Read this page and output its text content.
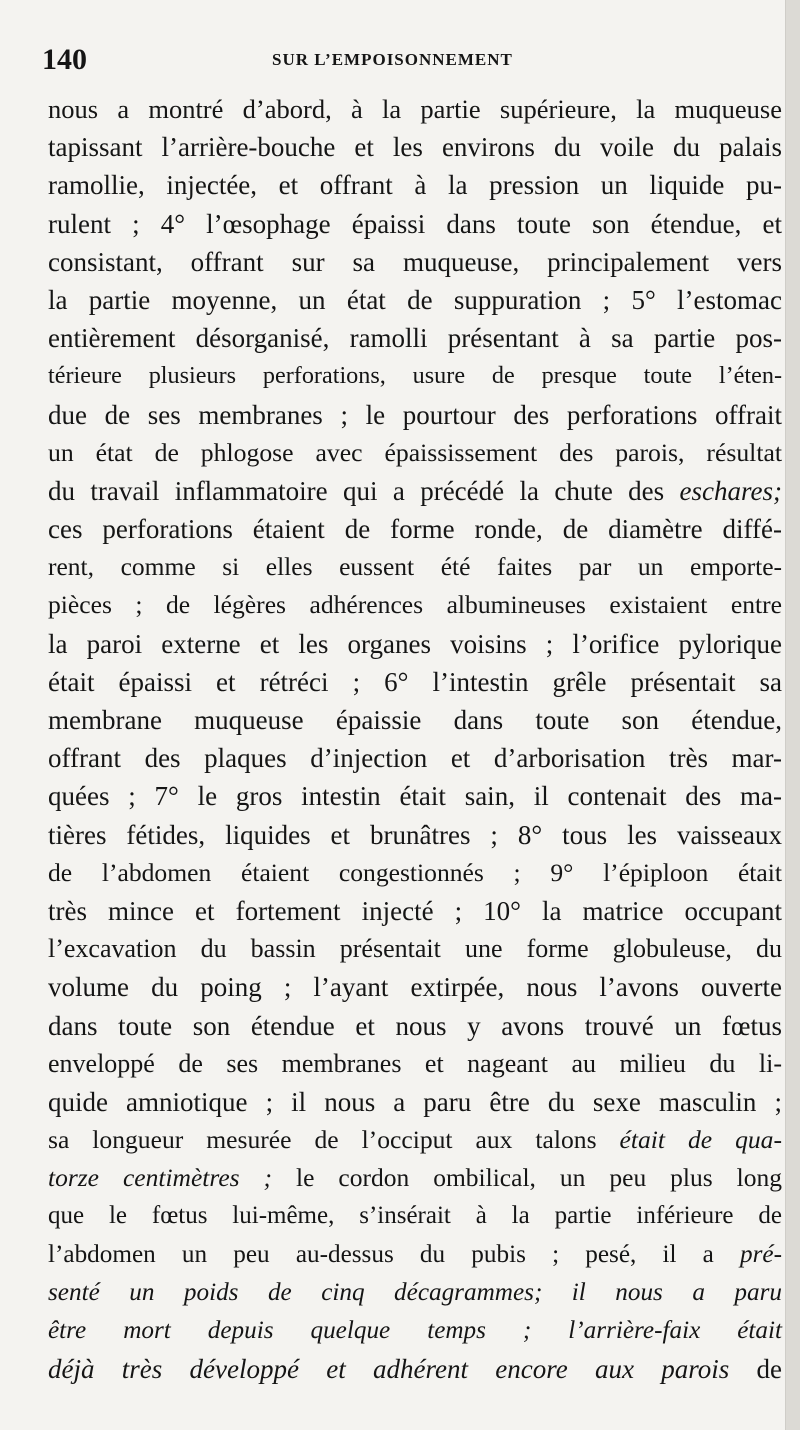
140	SUR L’EMPOISONNEMENT
nous a montré d’abord, à la partie supérieure, la muqueuse
tapissant l’arrière-bouche et les environs du voile du palais
ramollie, injectée, et offrant à la pression un liquide pu-
rulent ; 4° l’œsophage épaissi dans toute son étendue, et
consistant, offrant sur sa muqueuse, principalement vers
la partie moyenne, un état de suppuration ; 5° l’estomac
entièrement désorganisé, ramolli présentant à sa partie pos-
térieure plusieurs perforations, usure de presque toute l’éten-
due de ses membranes ; le pourtour des perforations offrait
un état de phlogose avec épaississement des parois, résultat
du travail inflammatoire qui a précédé la chute des eschares;
ces perforations étaient de forme ronde, de diamètre diffé-
rent, comme si elles eussent été faites par un emporte-
pièces ; de légères adhérences albumineuses existaient entre
la paroi externe et les organes voisins ; l’orifice pylorique
était épaissi et rétréci ; 6° l’intestin grêle présentait sa
membrane muqueuse épaissie dans toute son étendue,
offrant des plaques d’injection et d’arborisation très mar-
quées ; 7° le gros intestin était sain, il contenait des ma-
tières fétides, liquides et brunâtres ; 8° tous les vaisseaux
de l’abdomen étaient congestionnés ; 9° l’épiploon était
très mince et fortement injecté ; 10° la matrice occupant
l’excavation du bassin présentait une forme globuleuse, du
volume du poing ; l’ayant extirpée, nous l’avons ouverte
dans toute son étendue et nous y avons trouvé un fœtus
enveloppé de ses membranes et nageant au milieu du li-
quide amniotique ; il nous a paru être du sexe masculin ;
sa longueur mesurée de l’occiput aux talons était de qua-
torze centimètres ; le cordon ombilical, un peu plus long
que le fœtus lui-même, s’insérait à la partie inférieure de
l’abdomen un peu au-dessus du pubis ; pesé, il a pré-
senté un poids de cinq décagrammes; il nous a paru
être mort depuis quelque temps ; l’arrière-faix était
déjà très développé et adhérent encore aux parois de
